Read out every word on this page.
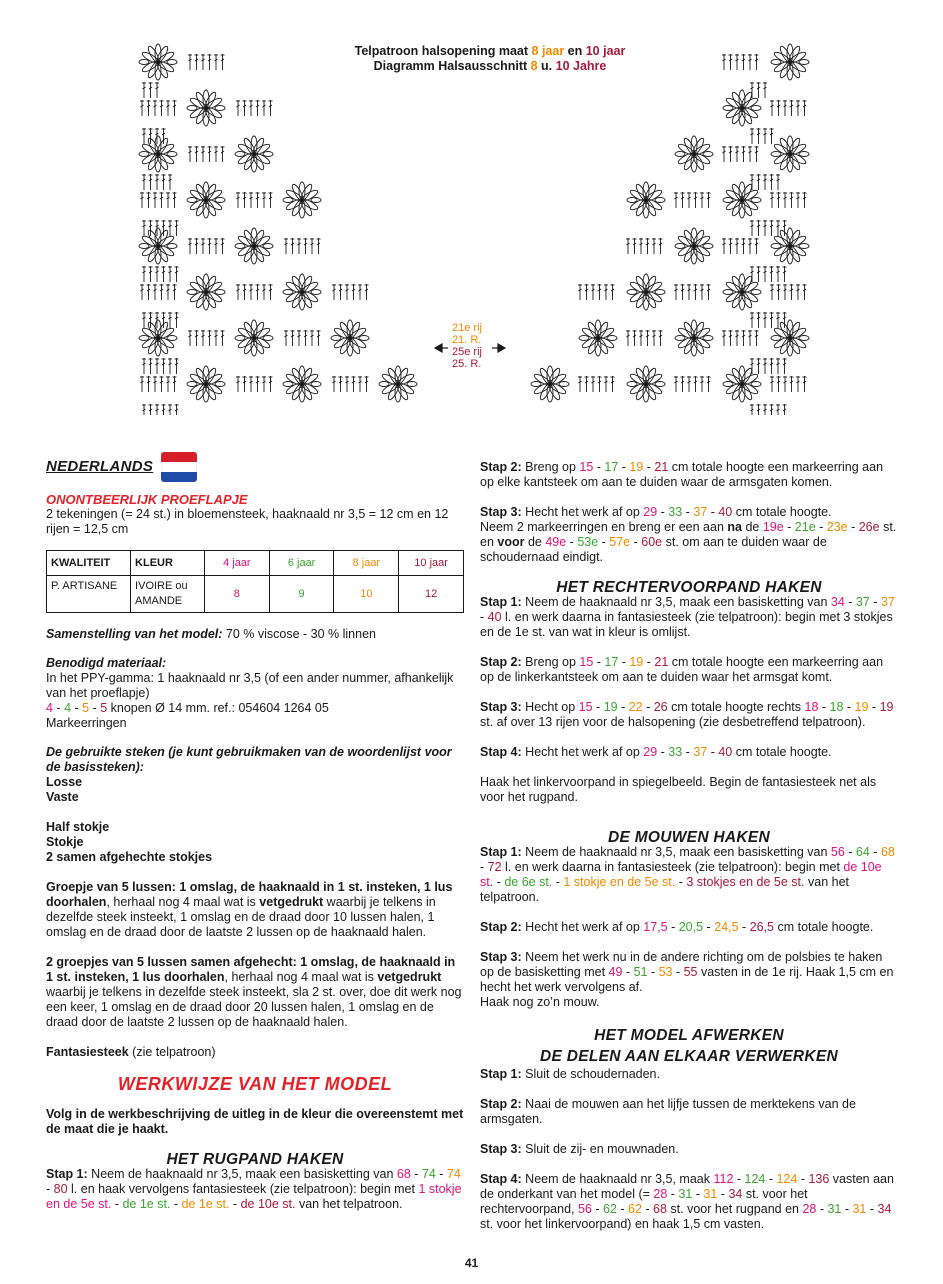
Telpatroon halsopening maat 8 jaar en 10 jaar
Diagramm Halsausschnitt 8 u. 10 Jahre
21e rij
21. R.
25e rij
25. R.
NEDERLANDS
ONONTBEERLIJK PROEFLAPJE

2 tekeningen (= 24 st.) in bloemensteek, haaknaald nr 3,5 = 12 cm en 12 rijen = 12,5 cm

KWALITEIT	KLEUR	4 jaar	6 jaar	8 jaar	10 jaar
P. ARTISANE	IVOIRE ou AMANDE	8	9	10	12

Samenstelling van het model: 70 % viscose - 30 % linnen

Benodigd materiaal:

In het PPY-gamma: 1 haaknaald nr 3,5 (of een ander nummer, afhankelijk van het proeflapje)

4 - 4 - 5 - 5 knopen Ø 14 mm. ref.: 054604 1264 05

Markeerringen

De gebruikte steken (je kunt gebruikmaken van de woordenlijst voor de basissteken):

Losse

Vaste

Half stokje

Stokje

2 samen afgehechte stokjes

Groepje van 5 lussen: 1 omslag, de haaknaald in 1 st. insteken, 1 lus doorhalen, herhaal nog 4 maal wat is vetgedrukt waarbij je telkens in dezelfde steek insteekt, 1 omslag en de draad door 10 lussen halen, 1 omslag en de draad door de laatste 2 lussen op de haaknaald halen.

2 groepjes van 5 lussen samen afgehecht: 1 omslag, de haaknaald in 1 st. insteken, 1 lus doorhalen, herhaal nog 4 maal wat is vetgedrukt waarbij je telkens in dezelfde steek insteekt, sla 2 st. over, doe dit werk nog een keer, 1 omslag en de draad door 20 lussen halen, 1 omslag en de draad door de laatste 2 lussen op de haaknaald halen.

Fantasiesteek (zie telpatroon)

WERKWIJZE VAN HET MODEL

Volg in de werkbeschrijving de uitleg in de kleur die overeenstemt met de maat die je haakt.

HET RUGPAND HAKEN

Stap 1: Neem de haaknaald nr 3,5, maak een basisketting van 68 - 74 - 74 - 80 l. en haak vervolgens fantasiesteek (zie telpatroon): begin met 1 stokje en de 5e st. - de 1e st. - de 1e st. - de 10e st. van het telpatroon.

Stap 2: Breng op 15 - 17 - 19 - 21 cm totale hoogte een markeerring aan op elke kantsteek om aan te duiden waar de armsgaten komen.

Stap 3: Hecht het werk af op 29 - 33 - 37 - 40 cm totale hoogte.

Neem 2 markeerringen en breng er een aan na de 19e - 21e - 23e - 26e st. en voor de 49e - 53e - 57e - 60e st. om aan te duiden waar de schoudernaad eindigt.

HET RECHTERVOORPAND HAKEN

Stap 1: Neem de haaknaald nr 3,5, maak een basisketting van 34 - 37 - 37 - 40 l. en werk daarna in fantasiesteek (zie telpatroon): begin met 3 stokjes en de 1e st. van wat in kleur is omlijst.

Stap 2: Breng op 15 - 17 - 19 - 21 cm totale hoogte een markeerring aan op de linkerkantsteek om aan te duiden waar het armsgat komt.

Stap 3: Hecht op 15 - 19 - 22 - 26 cm totale hoogte rechts 18 - 18 - 19 - 19 st. af over 13 rijen voor de halsopening (zie desbetreffend telpatroon).

Stap 4: Hecht het werk af op 29 - 33 - 37 - 40 cm totale hoogte.

Haak het linkervoorpand in spiegelbeeld. Begin de fantasiesteek net als voor het rugpand.

DE MOUWEN HAKEN

Stap 1: Neem de haaknaald nr 3,5, maak een basisketting van 56 - 64 - 68 - 72 l. en werk daarna in fantasiesteek (zie telpatroon): begin met de 10e st. - de 6e st. - 1 stokje en de 5e st. - 3 stokjes en de 5e st. van het telpatroon.

Stap 2: Hecht het werk af op 17,5 - 20,5 - 24,5 - 26,5 cm totale hoogte.

Stap 3: Neem het werk nu in de andere richting om de polsbies te haken op de basisketting met 49 - 51 - 53 - 55 vasten in de 1e rij. Haak 1,5 cm en hecht het werk vervolgens af.

Haak nog zo’n mouw.

HET MODEL AFWERKEN
DE DELEN AAN ELKAAR VERWERKEN

Stap 1: Sluit de schoudernaden.

Stap 2: Naai de mouwen aan het lijfje tussen de merktekens van de armsgaten.

Stap 3: Sluit de zij- en mouwnaden.

Stap 4: Neem de haaknaald nr 3,5, maak 112 - 124 - 124 - 136 vasten aan de onderkant van het model (= 28 - 31 - 31 - 34 st. voor het rechtervoorpand, 56 - 62 - 62 - 68 st. voor het rugpand en 28 - 31 - 31 - 34 st. voor het linkervoorpand) en haak 1,5 cm vasten.

41
